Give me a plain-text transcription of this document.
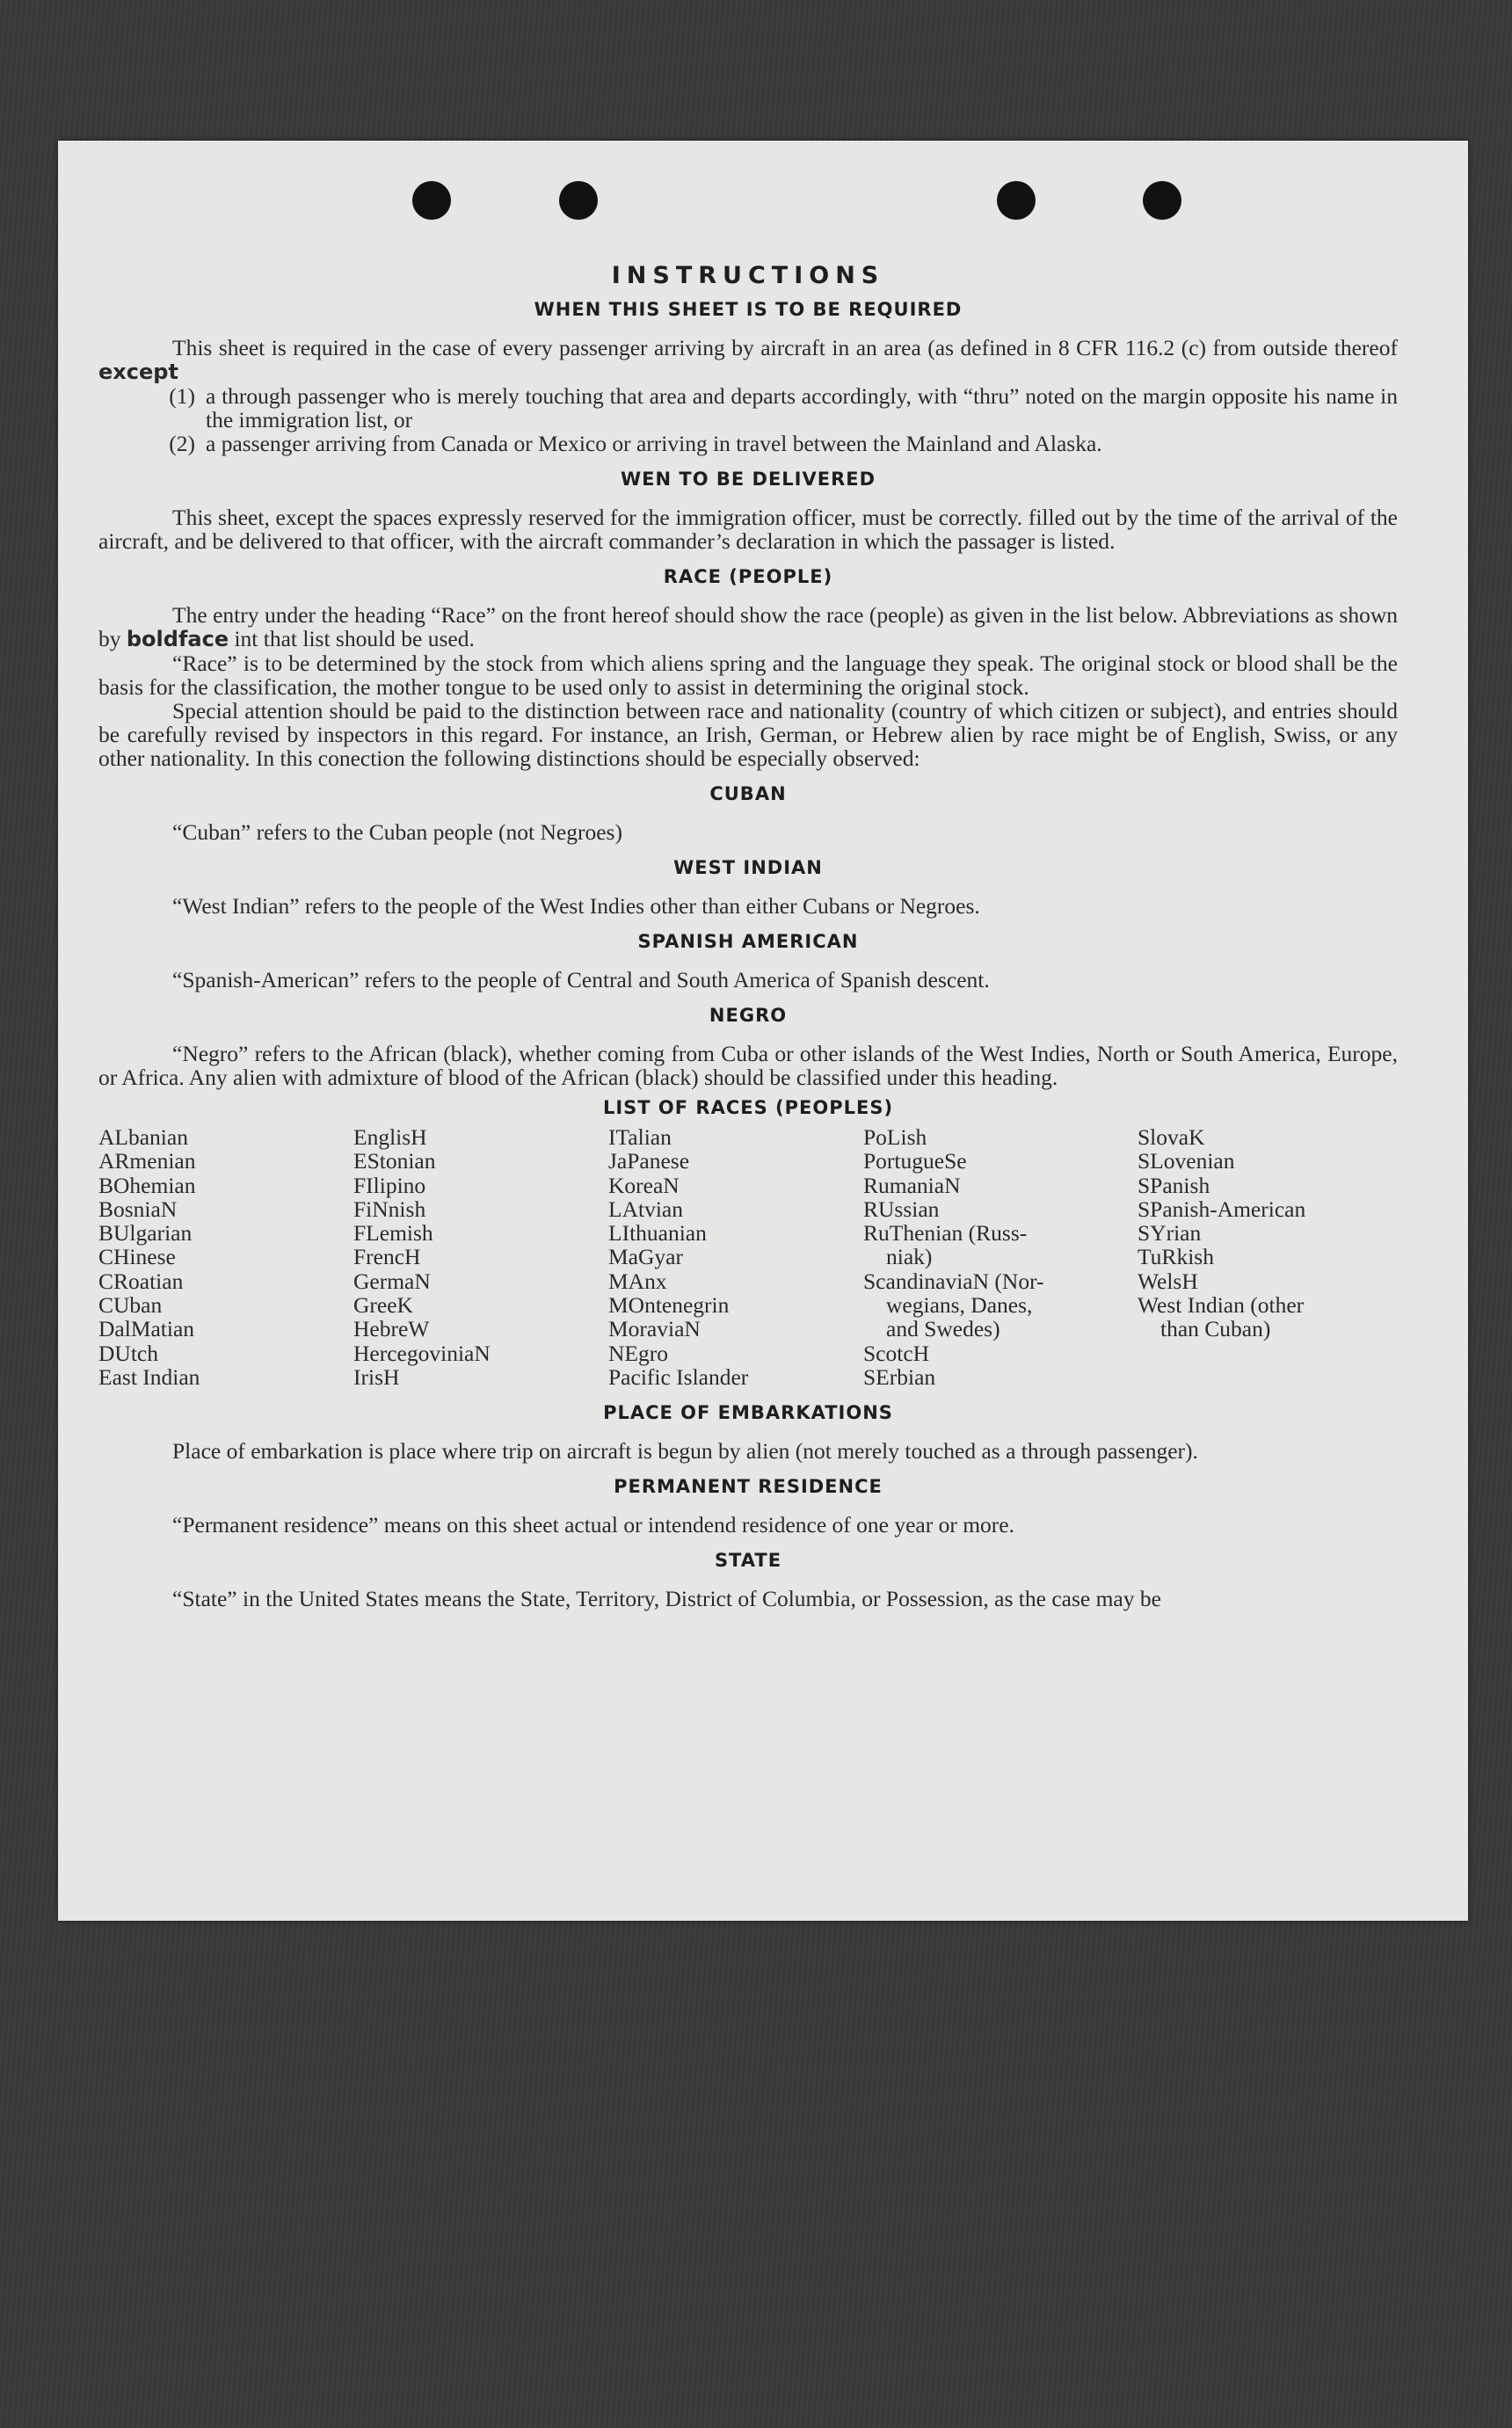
INSTRUCTIONS
WHEN THIS SHEET IS TO BE REQUIRED

This sheet is required in the case of every passenger arriving by aircraft in an area (as defined in 8 CFR 116.2 (c) from outside thereof except

(1) a through passenger who is merely touching that area and departs accordingly, with “thru” noted on the margin opposite his name in the immigration list, or
(2) a passenger arriving from Canada or Mexico or arriving in travel between the Mainland and Alaska.
WEN TO BE DELIVERED

This sheet, except the spaces expressly reserved for the immigration officer, must be correctly. filled out by the time of the arrival of the aircraft, and be delivered to that officer, with the aircraft commander’s declaration in which the passager is listed.

RACE (PEOPLE)

The entry under the heading “Race” on the front hereof should show the race (people) as given in the list below. Abbreviations as shown by boldface int that list should be used.

“Race” is to be determined by the stock from which aliens spring and the language they speak. The original stock or blood shall be the basis for the classification, the mother tongue to be used only to assist in determining the original stock.

Special attention should be paid to the distinction between race and nationality (country of which citizen or subject), and entries should be carefully revised by inspectors in this regard. For instance, an Irish, German, or Hebrew alien by race might be of English, Swiss, or any other nationality. In this conection the following distinctions should be especially observed:

CUBAN

“Cuban” refers to the Cuban people (not Negroes)

WEST INDIAN

“West Indian” refers to the people of the West Indies other than either Cubans or Negroes.

SPANISH AMERICAN

“Spanish-American” refers to the people of Central and South America of Spanish descent.

NEGRO

“Negro” refers to the African (black), whether coming from Cuba or other islands of the West Indies, North or South America, Europe, or Africa. Any alien with admixture of blood of the African (black) should be classified under this heading.

LIST OF RACES (PEOPLES)
ALbanian
ARmenian
BOhemian
BosniaN
BUlgarian
CHinese
CRoatian
CUban
DalMatian
DUtch
East Indian
EnglisH
EStonian
FIlipino
FiNnish
FLemish
FrencH
GermaN
GreeK
HebreW
HercegoviniaN
IrisH
ITalian
JaPanese
KoreaN
LAtvian
LIthuanian
MaGyar
MAnx
MOntenegrin
MoraviaN
NEgro
Pacific Islander
PoLish
PortugueSe
RumaniaN
RUssian
RuThenian (Russ-
niak)
ScandinaviaN (Nor-
wegians, Danes,
and Swedes)
ScotcH
SErbian
SlovaK
SLovenian
SPanish
SPanish-American
SYrian
TuRkish
WelsH
West Indian (other
than Cuban)
PLACE OF EMBARKATIONS

Place of embarkation is place where trip on aircraft is begun by alien (not merely touched as a through passenger).

PERMANENT RESIDENCE

“Permanent residence” means on this sheet actual or intendend residence of one year or more.

STATE

“State” in the United States means the State, Territory, District of Columbia, or Possession, as the case may be
